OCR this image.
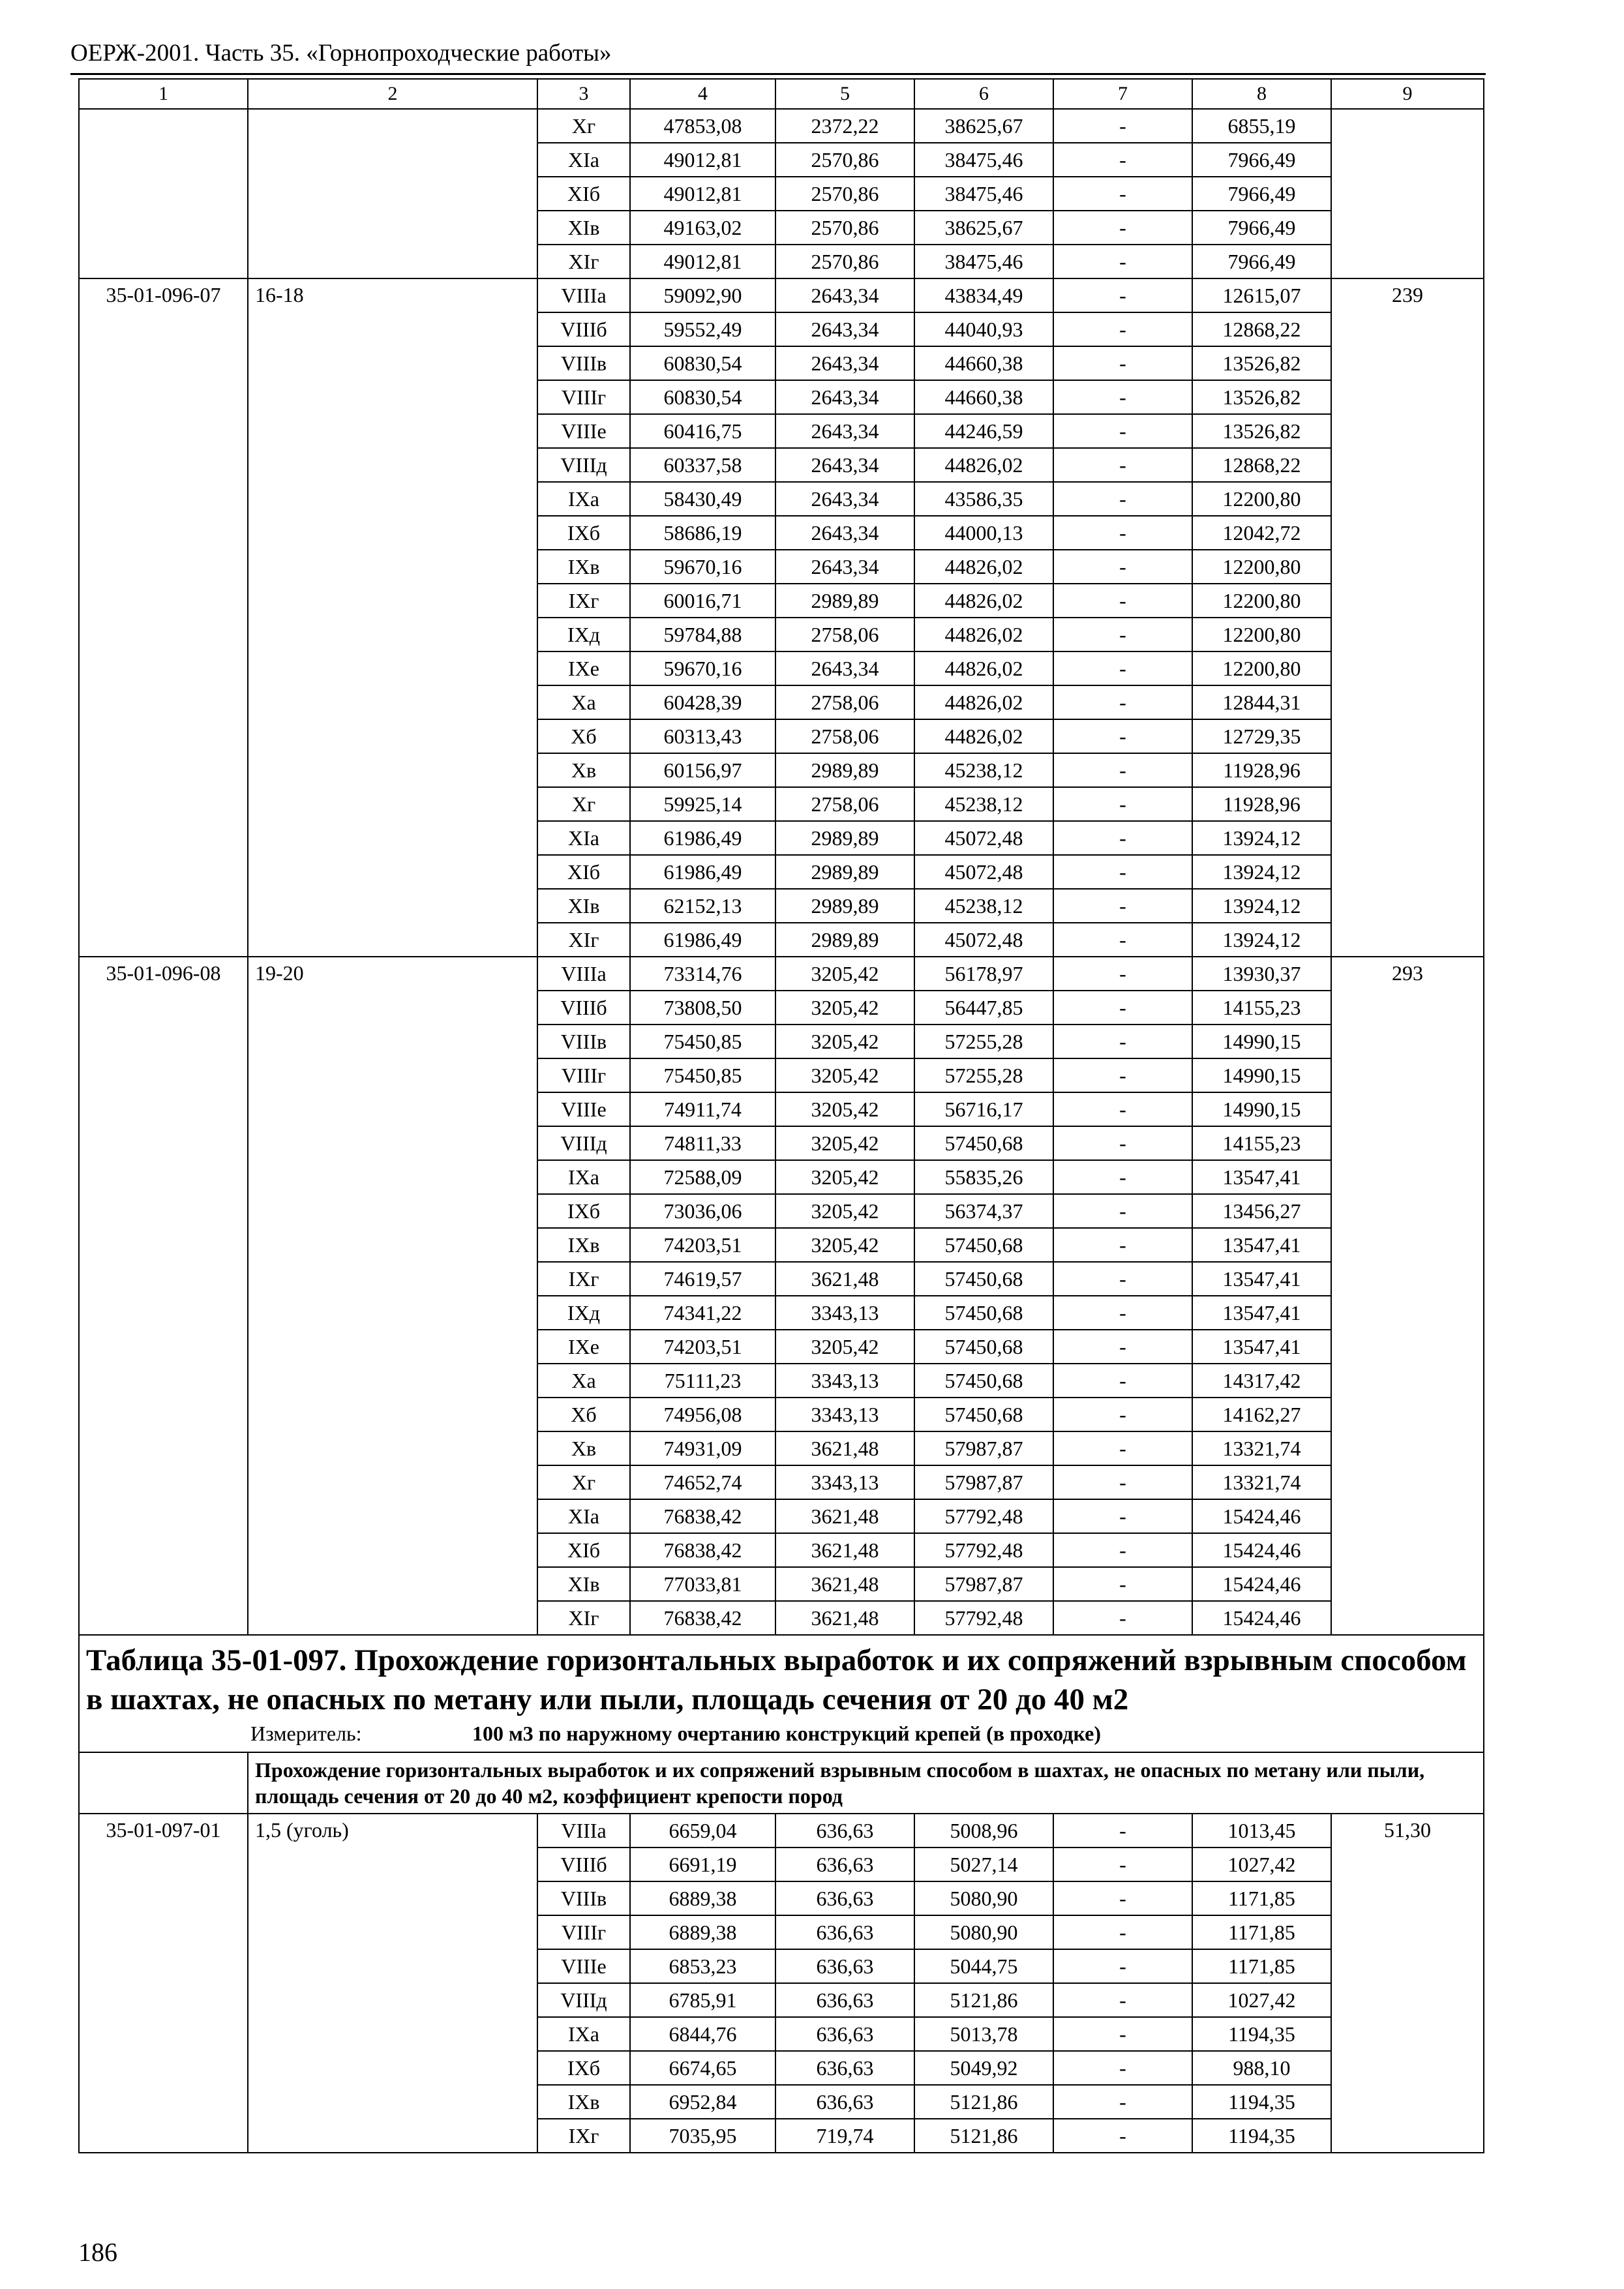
ОЕРЖ-2001. Часть 35. «Горнопроходческие работы»
1	2	3	4	5	6	7	8	9
		Хг	47853,08	2372,22	38625,67	-	6855,19	
		ХIа	49012,81	2570,86	38475,46	-	7966,49	
		ХIб	49012,81	2570,86	38475,46	-	7966,49	
		ХIв	49163,02	2570,86	38625,67	-	7966,49	
		ХIг	49012,81	2570,86	38475,46	-	7966,49	
35-01-096-07	16-18	VIIIа	59092,90	2643,34	43834,49	-	12615,07	239
		VIIIб	59552,49	2643,34	44040,93	-	12868,22	
		VIIIв	60830,54	2643,34	44660,38	-	13526,82	
		VIIIг	60830,54	2643,34	44660,38	-	13526,82	
		VIIIе	60416,75	2643,34	44246,59	-	13526,82	
		VIIIд	60337,58	2643,34	44826,02	-	12868,22	
		IХа	58430,49	2643,34	43586,35	-	12200,80	
		IХб	58686,19	2643,34	44000,13	-	12042,72	
		IХв	59670,16	2643,34	44826,02	-	12200,80	
		IХг	60016,71	2989,89	44826,02	-	12200,80	
		IХд	59784,88	2758,06	44826,02	-	12200,80	
		IХе	59670,16	2643,34	44826,02	-	12200,80	
		Ха	60428,39	2758,06	44826,02	-	12844,31	
		Хб	60313,43	2758,06	44826,02	-	12729,35	
		Хв	60156,97	2989,89	45238,12	-	11928,96	
		Хг	59925,14	2758,06	45238,12	-	11928,96	
		ХIа	61986,49	2989,89	45072,48	-	13924,12	
		ХIб	61986,49	2989,89	45072,48	-	13924,12	
		ХIв	62152,13	2989,89	45238,12	-	13924,12	
		ХIг	61986,49	2989,89	45072,48	-	13924,12	
35-01-096-08	19-20	VIIIа	73314,76	3205,42	56178,97	-	13930,37	293
		VIIIб	73808,50	3205,42	56447,85	-	14155,23	
		VIIIв	75450,85	3205,42	57255,28	-	14990,15	
		VIIIг	75450,85	3205,42	57255,28	-	14990,15	
		VIIIе	74911,74	3205,42	56716,17	-	14990,15	
		VIIIд	74811,33	3205,42	57450,68	-	14155,23	
		IХа	72588,09	3205,42	55835,26	-	13547,41	
		IХб	73036,06	3205,42	56374,37	-	13456,27	
		IХв	74203,51	3205,42	57450,68	-	13547,41	
		IХг	74619,57	3621,48	57450,68	-	13547,41	
		IХд	74341,22	3343,13	57450,68	-	13547,41	
		IХе	74203,51	3205,42	57450,68	-	13547,41	
		Ха	75111,23	3343,13	57450,68	-	14317,42	
		Хб	74956,08	3343,13	57450,68	-	14162,27	
		Хв	74931,09	3621,48	57987,87	-	13321,74	
		Хг	74652,74	3343,13	57987,87	-	13321,74	
		ХIа	76838,42	3621,48	57792,48	-	15424,46	
		ХIб	76838,42	3621,48	57792,48	-	15424,46	
		ХIв	77033,81	3621,48	57987,87	-	15424,46	
		ХIг	76838,42	3621,48	57792,48	-	15424,46	

Таблица 35-01-097. Прохождение горизонтальных выработок и их сопряжений взрывным способом в шахтах, не опасных по метану или пыли, площадь сечения от 20 до 40 м2
Измеритель: 100 м3 по наружному очертанию конструкций крепей (в проходке)								

	Прохождение горизонтальных выработок и их сопряжений взрывным способом в шахтах, не опасных по метану или пыли, площадь сечения от 20 до 40 м2, коэффициент крепости пород							
35-01-097-01	1,5 (уголь)	VIIIа	6659,04	636,63	5008,96	-	1013,45	51,30
		VIIIб	6691,19	636,63	5027,14	-	1027,42	
		VIIIв	6889,38	636,63	5080,90	-	1171,85	
		VIIIг	6889,38	636,63	5080,90	-	1171,85	
		VIIIе	6853,23	636,63	5044,75	-	1171,85	
		VIIIд	6785,91	636,63	5121,86	-	1027,42	
		IХа	6844,76	636,63	5013,78	-	1194,35	
		IХб	6674,65	636,63	5049,92	-	988,10	
		IХв	6952,84	636,63	5121,86	-	1194,35	
		IХг	7035,95	719,74	5121,86	-	1194,35	
186
